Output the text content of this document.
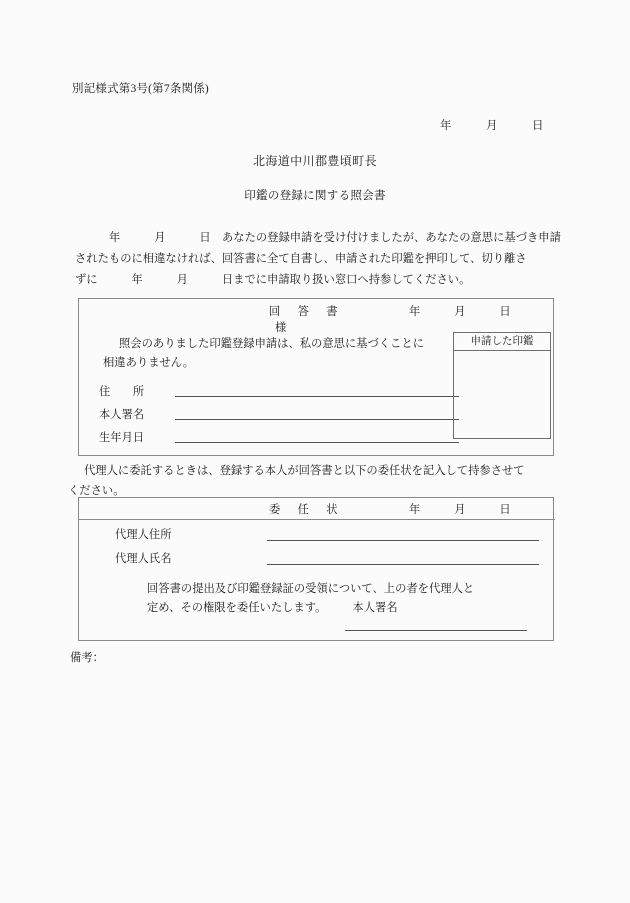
別記様式第3号(第7条関係)
年　　　月　　　日
北海道中川郡豊頃町長
印鑑の登録に関する照会書
年　　　月　　　日　あなたの登録申請を受け付けましたが、あなたの意思に基づき申請
されたものに相違なければ、回答書に全て自書し、申請された印鑑を押印して、切り離さ
ずに　　　年　　　月　　　日までに申請取り扱い窓口へ持参してください。
回　答　書	年　　　月　　　日
様
照会のありました印鑑登録申請は、私の意思に基づくことに
相違ありません。
住　　所
本人署名
生年月日
申請した印鑑
代理人に委託するときは、登録する本人が回答書と以下の委任状を記入して持参させて
ください。
委　任　状	年　　　月　　　日
代理人住所
代理人氏名
回答書の提出及び印鑑登録証の受領について、上の者を代理人と
定め、その権限を委任いたします。 本人署名
備考：
